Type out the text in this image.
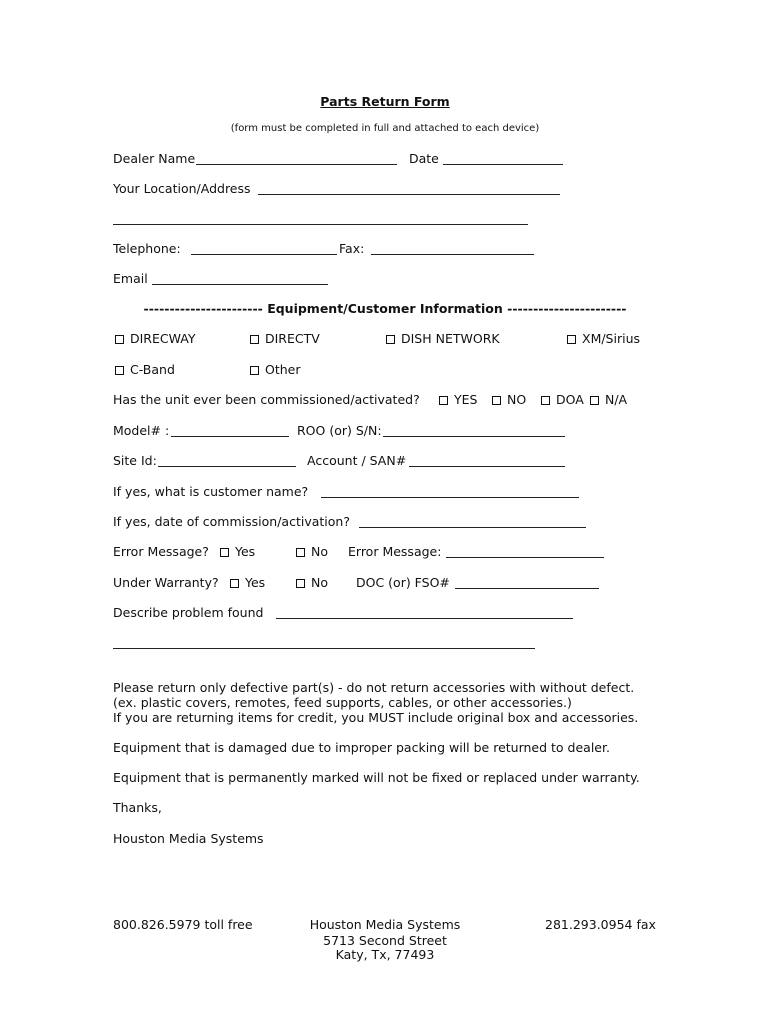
Parts Return Form
(form must be completed in full and attached to each device)
Dealer Name	Date
Your Location/Address
Telephone:	Fax:
Email
----------------------- Equipment/Customer Information -----------------------
DIRECWAY	DIRECTV	DISH NETWORK	XM/Sirius
C-Band	Other
Has the unit ever been commissioned/activated?	YES	NO	DOA	N/A
Model# :	ROO (or) S/N:
Site Id:	Account / SAN#
If yes, what is customer name?
If yes, date of commission/activation?
Error Message?	Yes	No Error Message:
Under Warranty?	Yes	No DOC (or) FSO#
Describe problem found
Please return only defective part(s) - do not return accessories with without defect.
(ex. plastic covers, remotes, feed supports, cables, or other accessories.)
If you are returning items for credit, you MUST include original box and accessories.
Equipment that is damaged due to improper packing will be returned to dealer.
Equipment that is permanently marked will not be fixed or replaced under warranty.
Thanks,
Houston Media Systems
800.826.5979 toll free	Houston Media Systems
5713 Second Street
Katy, Tx, 77493
281.293.0954 fax
